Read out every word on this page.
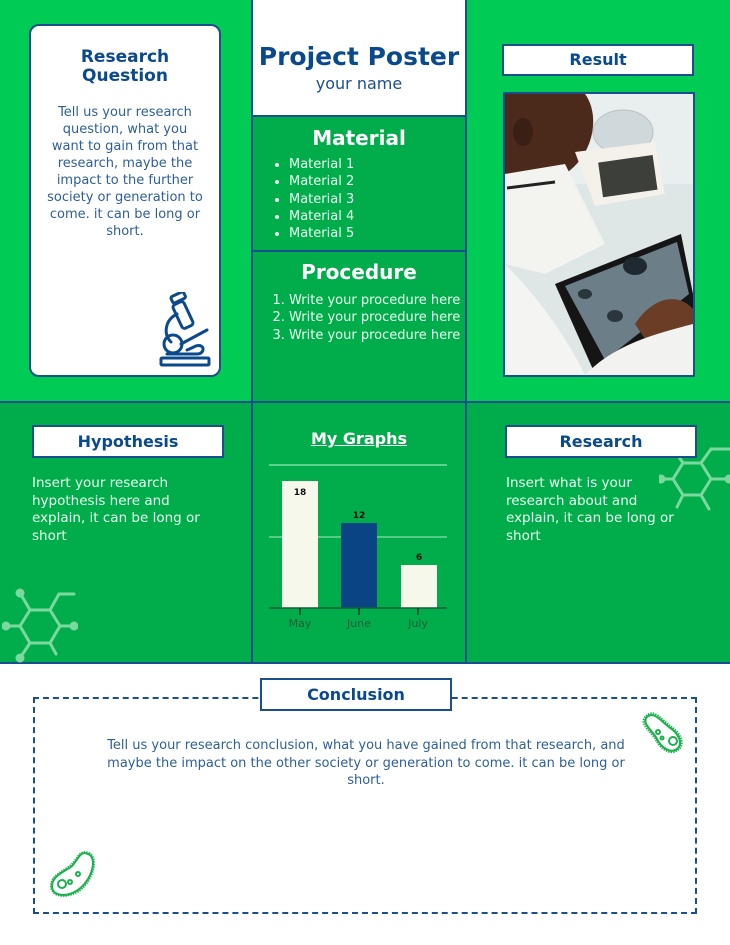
Research Question
Tell us your research question, what you want to gain from that research, maybe the impact to the further society or generation to come. it can be long or short.
Project Poster
your name
Material
• Material 1
• Material 2
• Material 3
• Material 4
• Material 5
Procedure
1. Write your procedure here
2. Write your procedure here
3. Write your procedure here
Result
Hypothesis
Insert your research hypothesis here and explain, it can be long or short
My Graphs
18
12
6
May	June	July
Research
Insert what is your research about and explain, it can be long or short
Conclusion
Tell us your research conclusion, what you have gained from that research, and maybe the impact on the other society or generation to come. it can be long or short.
